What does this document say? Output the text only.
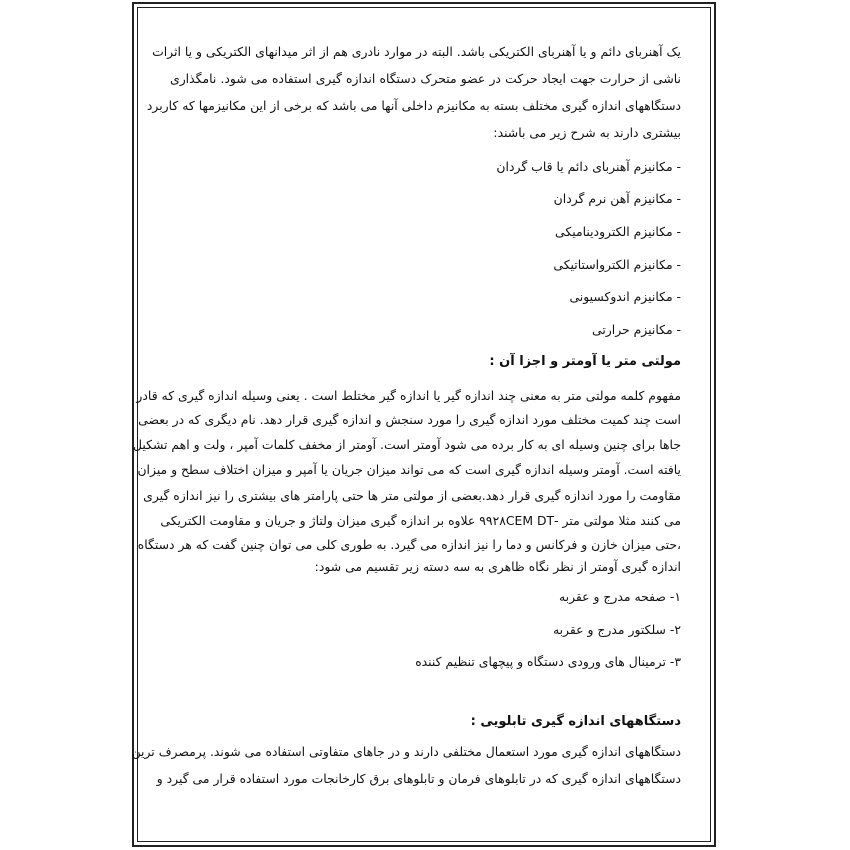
یک آهنربای دائم و یا آهنربای الکتریکی باشد. البته در موارد نادری هم از اثر میدانهای الکتریکی و یا اثرات
ناشی از حرارت جهت ایجاد حرکت در عضو متحرک دستگاه اندازه گیری استفاده می شود. نامگذاری
دستگاههای اندازه گیری مختلف بسته به مکانیزم داخلی آنها می باشد که برخی از این مکانیزمها که کاربرد
بیشتری دارند به شرح زیر می باشند:
- مکانیزم آهنربای دائم یا قاب گردان
- مکانیزم آهن نرم گردان
- مکانیزم الکترودینامیکی
- مکانیزم الکترواستاتیکی
- مکانیزم اندوکسیونی
- مکانیزم حرارتی
مولتی متر یا آومتر و اجزا آن :
مفهوم کلمه مولتی متر به معنی چند اندازه گیر یا اندازه گیر مختلط است . یعنی وسیله اندازه گیری که قادر
است چند کمیت مختلف مورد اندازه گیری را مورد سنجش و اندازه گیری قرار دهد. نام دیگری که در بعضی
جاها برای چنین وسیله ای به کار برده می شود آومتر است. آومتر از مخفف کلمات آمپر ، ولت و اهم تشکیل
یافته است. آومتر وسیله اندازه گیری است که می تواند میزان جریان یا آمپر و میزان اختلاف سطح و میزان
مقاومت را مورد اندازه گیری قرار دهد.بعضی از مولتی متر ها حتی پارامتر های بیشتری را نیز اندازه گیری
می کنند مثلا مولتی متر -۹۹۲۸CEM DT علاوه بر اندازه گیری میزان ولتاژ و جریان و مقاومت الکتریکی
،حتی میزان خازن و فرکانس و دما را نیز اندازه می گیرد. به طوری کلی می توان چنین گفت که هر دستگاه
اندازه گیری آومتر از نظر نگاه ظاهری به سه دسته زیر تقسیم می شود:
۱- صفحه مدرج و عقربه
۲- سلکتور مدرج و عقربه
۳- ترمینال های ورودی دستگاه و پیچهای تنظیم کننده
دستگاههای اندازه گیری تابلویی :
دستگاههای اندازه گیری مورد استعمال مختلفی دارند و در جاهای متفاوتی استفاده می شوند. پرمصرف ترین
دستگاههای اندازه گیری که در تابلوهای فرمان و تابلوهای برق کارخانجات مورد استفاده قرار می گیرد و
